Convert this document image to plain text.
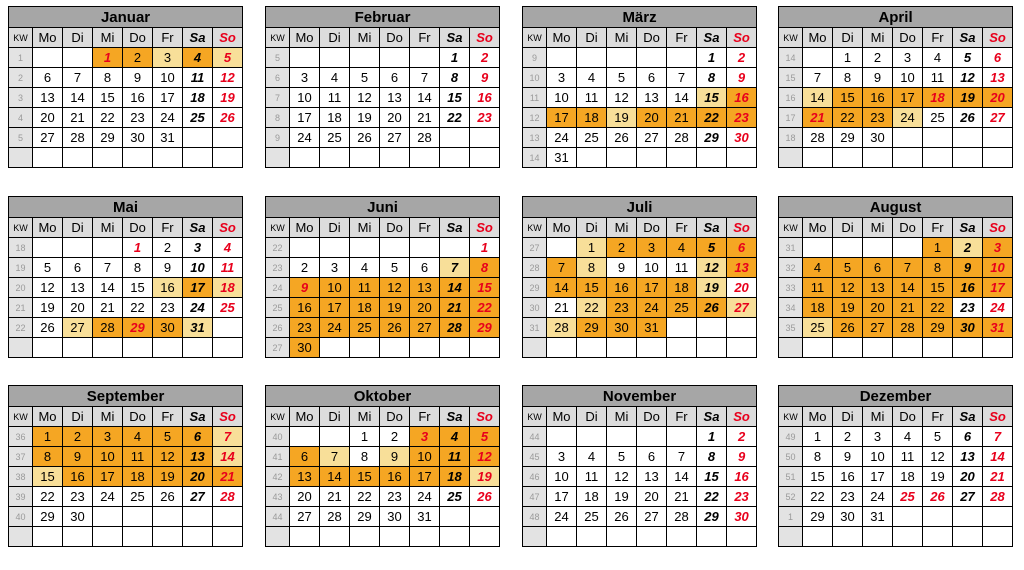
Januar							
KW	Mo	Di	Mi	Do	Fr	Sa	So
1			1	2	3	4	5
2	6	7	8	9	10	11	12
3	13	14	15	16	17	18	19
4	20	21	22	23	24	25	26
5	27	28	29	30	31		

Februar							
KW	Mo	Di	Mi	Do	Fr	Sa	So
5						1	2
6	3	4	5	6	7	8	9
7	10	11	12	13	14	15	16
8	17	18	19	20	21	22	23
9	24	25	26	27	28		

März							
KW	Mo	Di	Mi	Do	Fr	Sa	So
9						1	2
10	3	4	5	6	7	8	9
11	10	11	12	13	14	15	16
12	17	18	19	20	21	22	23
13	24	25	26	27	28	29	30
14	31						
April							
KW	Mo	Di	Mi	Do	Fr	Sa	So
14		1	2	3	4	5	6
15	7	8	9	10	11	12	13
16	14	15	16	17	18	19	20
17	21	22	23	24	25	26	27
18	28	29	30				

Mai							
KW	Mo	Di	Mi	Do	Fr	Sa	So
18				1	2	3	4
19	5	6	7	8	9	10	11
20	12	13	14	15	16	17	18
21	19	20	21	22	23	24	25
22	26	27	28	29	30	31	

Juni							
KW	Mo	Di	Mi	Do	Fr	Sa	So
22							1
23	2	3	4	5	6	7	8
24	9	10	11	12	13	14	15
25	16	17	18	19	20	21	22
26	23	24	25	26	27	28	29
27	30						
Juli							
KW	Mo	Di	Mi	Do	Fr	Sa	So
27		1	2	3	4	5	6
28	7	8	9	10	11	12	13
29	14	15	16	17	18	19	20
30	21	22	23	24	25	26	27
31	28	29	30	31			

August							
KW	Mo	Di	Mi	Do	Fr	Sa	So
31					1	2	3
32	4	5	6	7	8	9	10
33	11	12	13	14	15	16	17
34	18	19	20	21	22	23	24
35	25	26	27	28	29	30	31

September							
KW	Mo	Di	Mi	Do	Fr	Sa	So
36	1	2	3	4	5	6	7
37	8	9	10	11	12	13	14
38	15	16	17	18	19	20	21
39	22	23	24	25	26	27	28
40	29	30					

Oktober							
KW	Mo	Di	Mi	Do	Fr	Sa	So
40			1	2	3	4	5
41	6	7	8	9	10	11	12
42	13	14	15	16	17	18	19
43	20	21	22	23	24	25	26
44	27	28	29	30	31		

November							
KW	Mo	Di	Mi	Do	Fr	Sa	So
44						1	2
45	3	4	5	6	7	8	9
46	10	11	12	13	14	15	16
47	17	18	19	20	21	22	23
48	24	25	26	27	28	29	30

Dezember							
KW	Mo	Di	Mi	Do	Fr	Sa	So
49	1	2	3	4	5	6	7
50	8	9	10	11	12	13	14
51	15	16	17	18	19	20	21
52	22	23	24	25	26	27	28
1	29	30	31				
